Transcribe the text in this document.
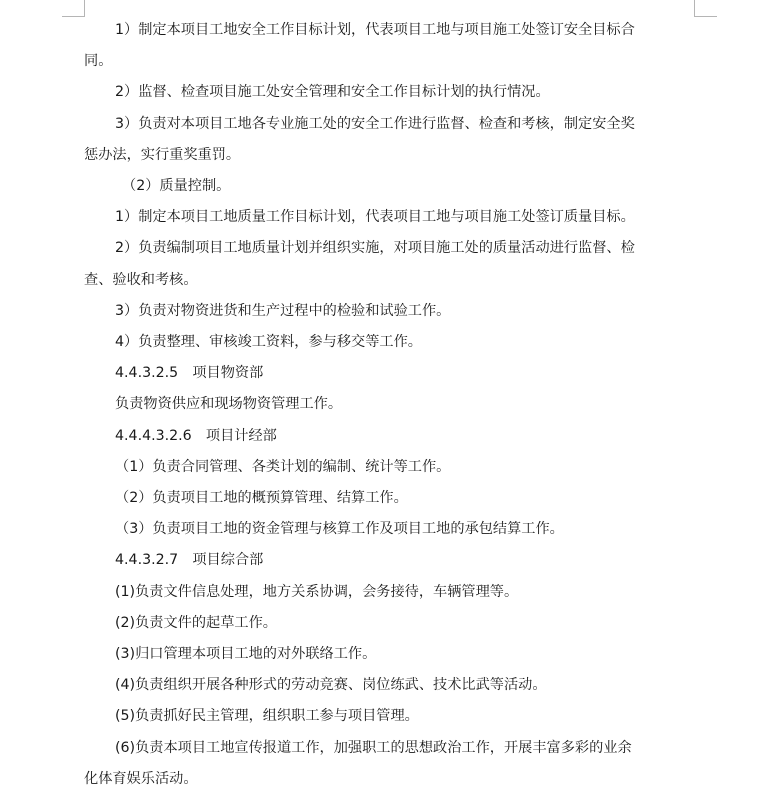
1）制定本项目工地安全工作目标计划，代表项目工地与项目施工处签订安全目标合

同。

2）监督、检查项目施工处安全管理和安全工作目标计划的执行情况。

3）负责对本项目工地各专业施工处的安全工作进行监督、检查和考核，制定安全奖

惩办法，实行重奖重罚。

（2）质量控制。

1）制定本项目工地质量工作目标计划，代表项目工地与项目施工处签订质量目标。

2）负责编制项目工地质量计划并组织实施，对项目施工处的质量活动进行监督、检

查、验收和考核。

3）负责对物资进货和生产过程中的检验和试验工作。

4）负责整理、审核竣工资料，参与移交等工作。

4.4.3.2.5　项目物资部

负责物资供应和现场物资管理工作。

4.4.4.3.2.6　项目计经部

（1）负责合同管理、各类计划的编制、统计等工作。

（2）负责项目工地的概预算管理、结算工作。

（3）负责项目工地的资金管理与核算工作及项目工地的承包结算工作。

4.4.3.2.7　项目综合部

(1)负责文件信息处理，地方关系协调，会务接待，车辆管理等。

(2)负责文件的起草工作。

(3)归口管理本项目工地的对外联络工作。

(4)负责组织开展各种形式的劳动竞赛、岗位练武、技术比武等活动。

(5)负责抓好民主管理，组织职工参与项目管理。

(6)负责本项目工地宣传报道工作，加强职工的思想政治工作，开展丰富多彩的业余

化体育娱乐活动。
